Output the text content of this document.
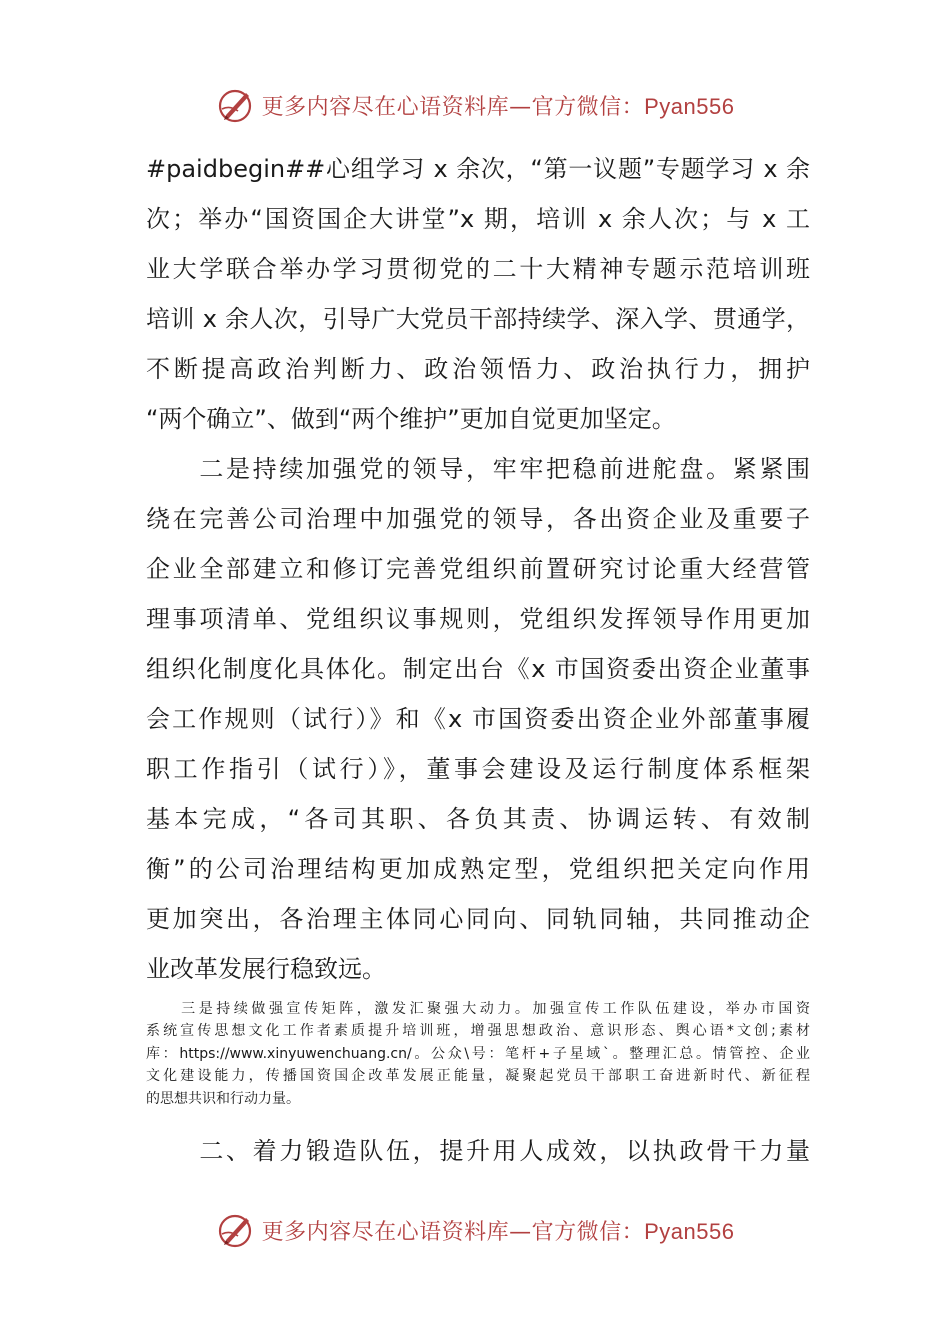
更多内容尽在心语资料库—官方微信：Pyan556
#paidbegin##心组学习 x 余次，“第一议题”专题学习 x 余
次；举办“国资国企大讲堂”x 期，培训 x 余人次；与 x 工
业大学联合举办学习贯彻党的二十大精神专题示范培训班
培训 x 余人次，引导广大党员干部持续学、深入学、贯通学，
不断提高政治判断力、政治领悟力、政治执行力，拥护
“两个确立”、做到“两个维护”更加自觉更加坚定。
　　二是持续加强党的领导，牢牢把稳前进舵盘。紧紧围
绕在完善公司治理中加强党的领导，各出资企业及重要子
企业全部建立和修订完善党组织前置研究讨论重大经营管
理事项清单、党组织议事规则，党组织发挥领导作用更加
组织化制度化具体化。制定出台《x 市国资委出资企业董事
会工作规则（试行）》和《x 市国资委出资企业外部董事履
职工作指引（试行）》，董事会建设及运行制度体系框架
基本完成，“各司其职、各负其责、协调运转、有效制
衡”的公司治理结构更加成熟定型，党组织把关定向作用
更加突出，各治理主体同心同向、同轨同轴，共同推动企
业改革发展行稳致远。
　　三是持续做强宣传矩阵，激发汇聚强大动力。加强宣传工作队伍建设，举办市国资
系统宣传思想文化工作者素质提升培训班，增强思想政治、意识形态、舆心语*文创;素材
库：https://www.xinyuwenchuang.cn/。公众\号：笔杆+子星域`。整理汇总。情管控、企业
文化建设能力，传播国资国企改革发展正能量，凝聚起党员干部职工奋进新时代、新征程
的思想共识和行动力量。
　　二、着力锻造队伍，提升用人成效，以执政骨干力量
更多内容尽在心语资料库—官方微信：Pyan556
